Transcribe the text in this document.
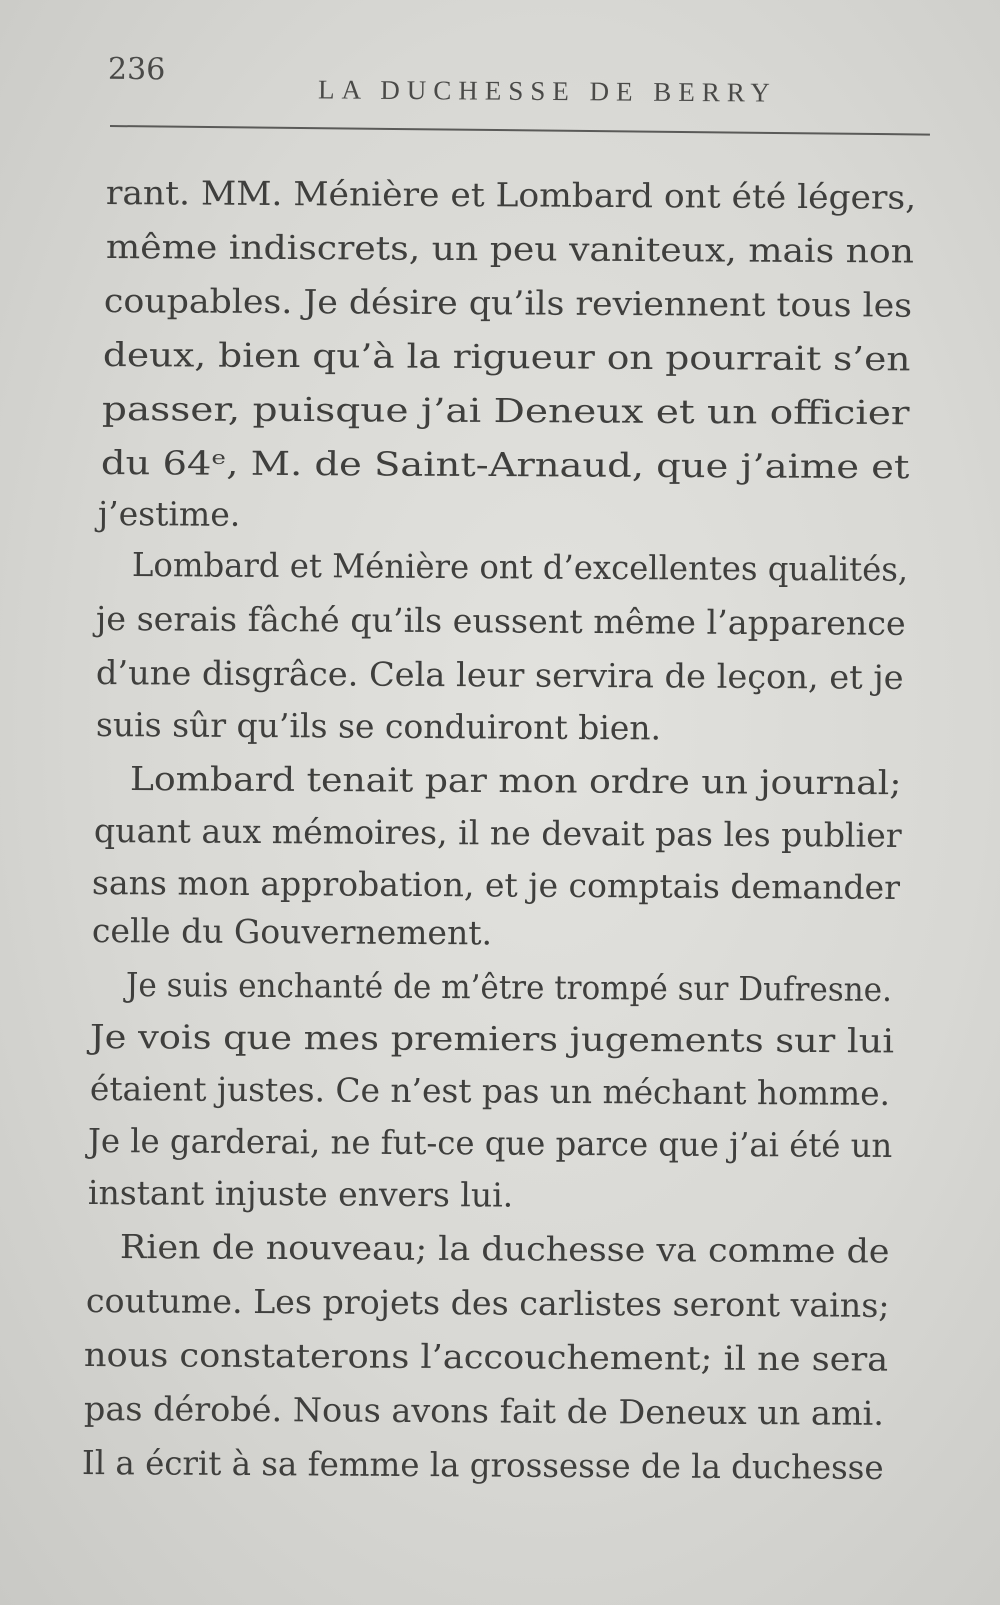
236
LA DUCHESSE DE BERRY
rant. MM. Ménière et Lombard ont été légers,
même indiscrets, un peu vaniteux, mais non
coupables. Je désire qu’ils reviennent tous les
deux, bien qu’à la rigueur on pourrait s’en
passer, puisque j’ai Deneux et un officier
du 64ᵉ, M. de Saint-Arnaud, que j’aime et
j’estime.
Lombard et Ménière ont d’excellentes qualités,
je serais fâché qu’ils eussent même l’apparence
d’une disgrâce. Cela leur servira de leçon, et je
suis sûr qu’ils se conduiront bien.
Lombard tenait par mon ordre un journal;
quant aux mémoires, il ne devait pas les publier
sans mon approbation, et je comptais demander
celle du Gouvernement.
Je suis enchanté de m’être trompé sur Dufresne.
Je vois que mes premiers jugements sur lui
étaient justes. Ce n’est pas un méchant homme.
Je le garderai, ne fut-ce que parce que j’ai été un
instant injuste envers lui.
Rien de nouveau; la duchesse va comme de
coutume. Les projets des carlistes seront vains;
nous constaterons l’accouchement; il ne sera
pas dérobé. Nous avons fait de Deneux un ami.
Il a écrit à sa femme la grossesse de la duchesse
